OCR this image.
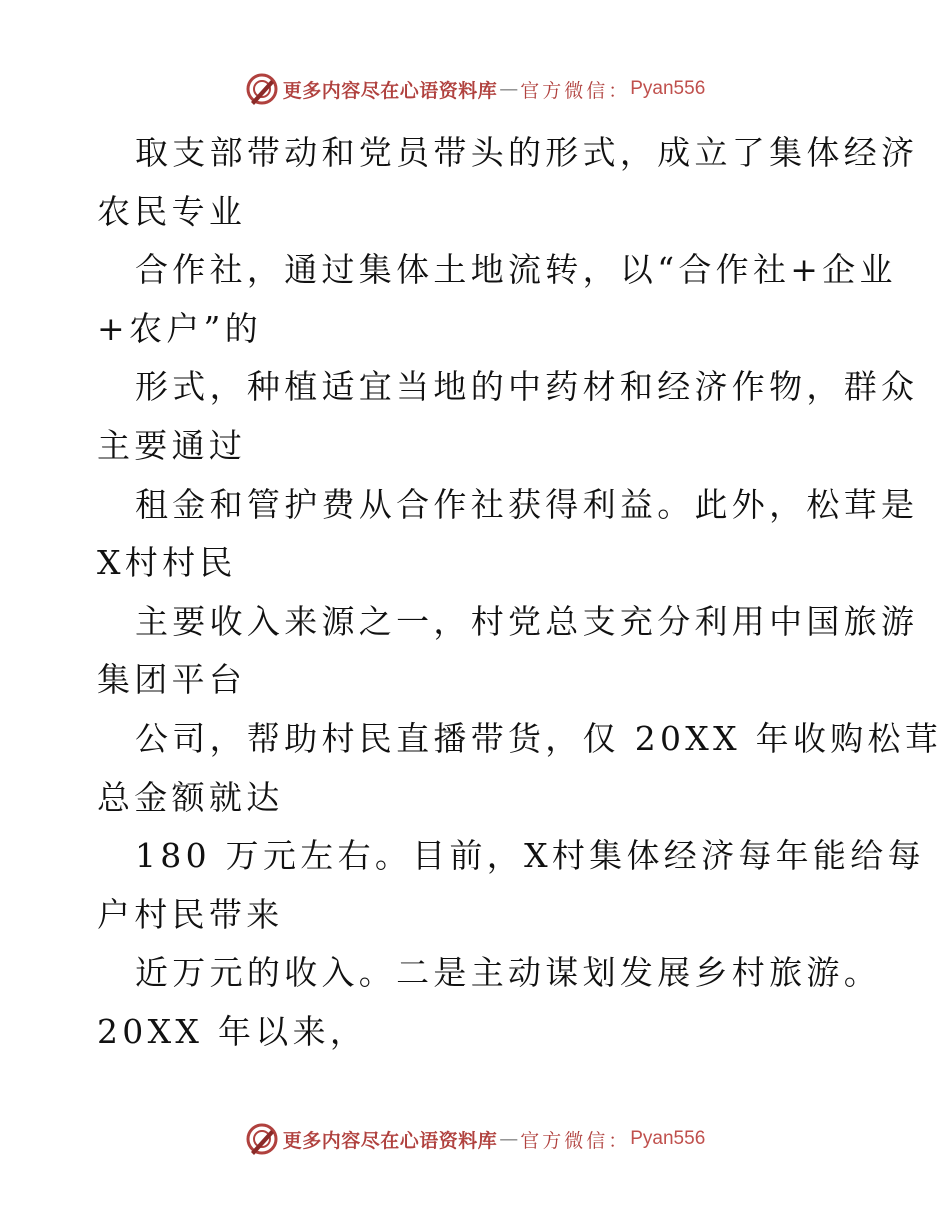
更多内容尽在心语资料库 — 官方微信： Pyan556

取支部带动和党员带头的形式，成立了集体经济

农民专业

合作社，通过集体土地流转，以“合作社+企业

+农户”的

形式，种植适宜当地的中药材和经济作物，群众

主要通过

租金和管护费从合作社获得利益。此外，松茸是

X村村民

主要收入来源之一，村党总支充分利用中国旅游

集团平台

公司，帮助村民直播带货，仅 20XX 年收购松茸

总金额就达

180 万元左右。目前，X村集体经济每年能给每

户村民带来

近万元的收入。二是主动谋划发展乡村旅游。

20XX 年以来，

更多内容尽在心语资料库 — 官方微信： Pyan556
